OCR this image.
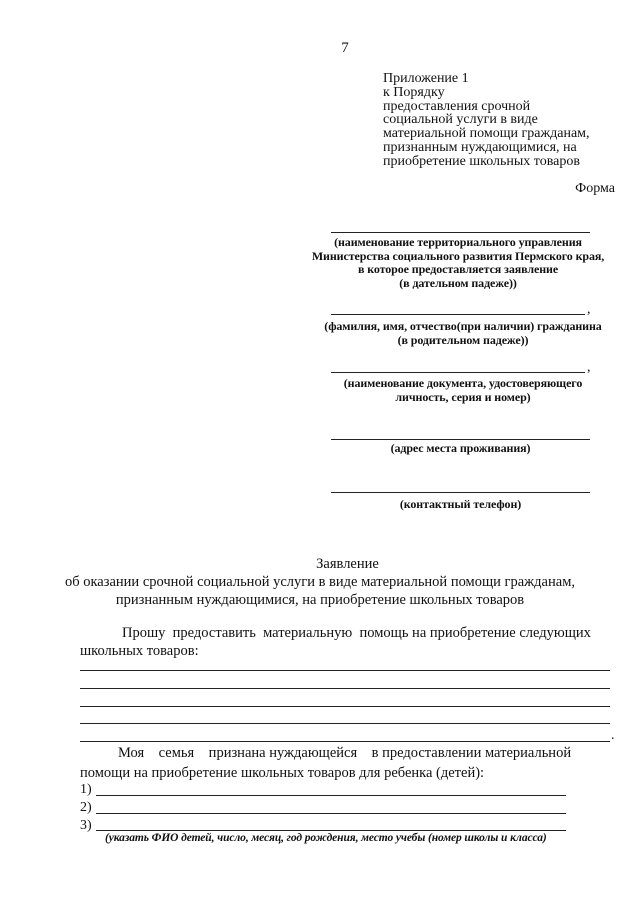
7
Приложение 1
к Порядку
предоставления срочной
социальной услуги в виде
материальной помощи гражданам,
признанным нуждающимися, на
приобретение школьных товаров
Форма
(наименование территориального управления
Министерства социального развития Пермского края,
в которое предоставляется заявление
(в дательном падеже))
,
(фамилия, имя, отчество(при наличии) гражданина
(в родительном падеже))
,
(наименование документа, удостоверяющего
личность, серия и номер)
(адрес места проживания)
(контактный телефон)
Заявление
об оказании срочной социальной услуги в виде материальной помощи гражданам,
признанным нуждающимися, на приобретение школьных товаров
Прошу  предоставить  материальную  помощь на приобретение следующих
школьных товаров:
.
Моя    семья    признана нуждающейся    в предоставлении материальной
помощи на приобретение школьных товаров для ребенка (детей):
1)
2)
3)
(указать ФИО детей, число, месяц, год рождения, место учебы (номер школы и класса)
